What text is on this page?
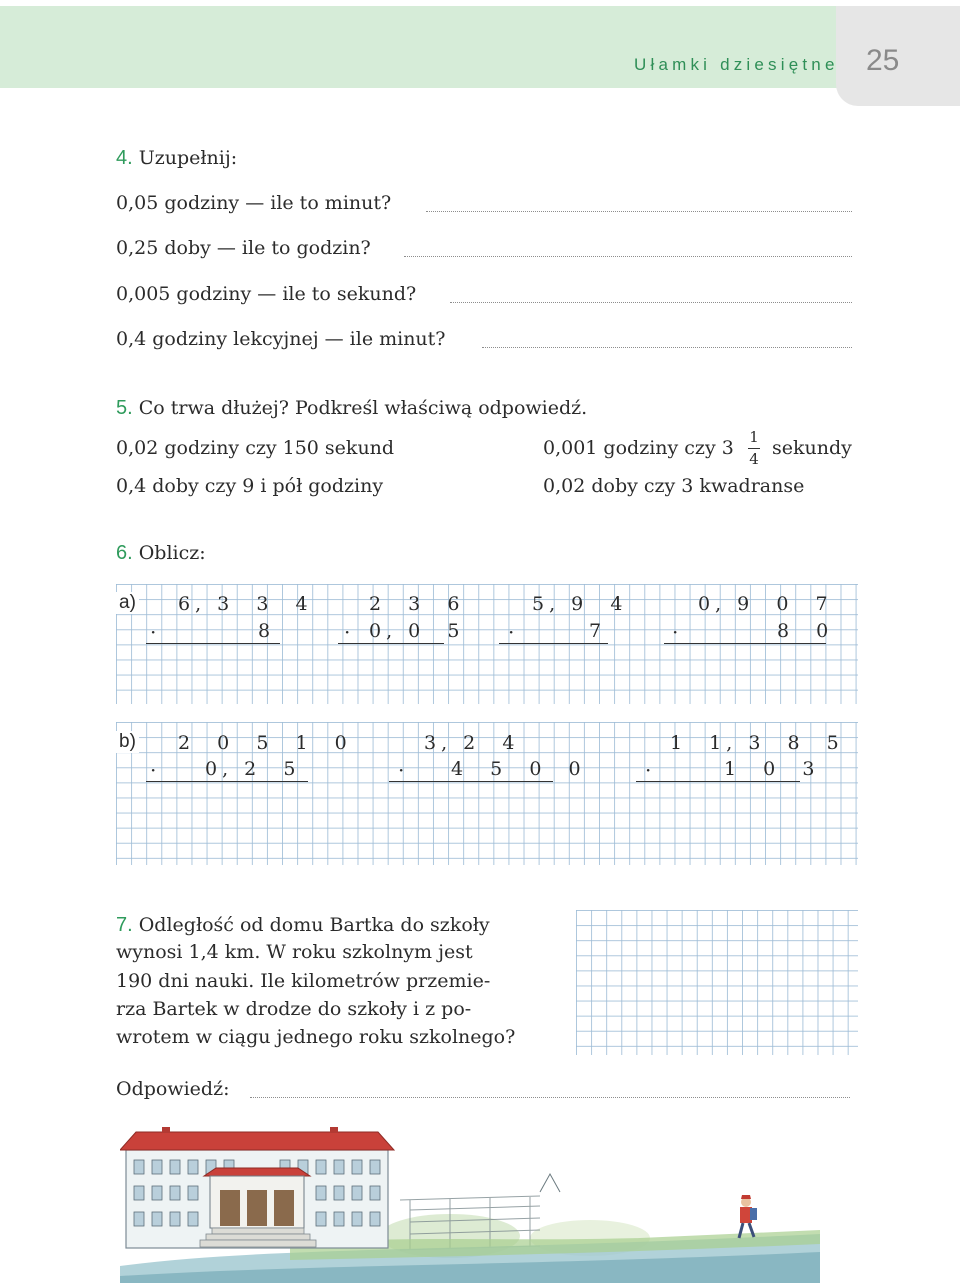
Ułamki dziesiętne 25
4. Uzupełnij:
0,05 godziny — ile to minut?
0,25 doby — ile to godzin?
0,005 godziny — ile to sekund?
0,4 godziny lekcyjnej — ile minut?
5. Co trwa dłużej? Podkreśl właściwą odpowiedź.
0,02 godziny czy 150 sekund	0,001 godziny czy 3 1
4 sekundy
0,4 doby czy 9 i pół godziny	0,02 doby czy 3 kwadranse
6. Oblicz:
a) 6, 3  3  4
·	8
2  3  6
· 0, 0  5
5, 9  4
·	7
0, 9  0  7
·	8  0
b) 2  0  5  1  0
·	0, 2  5
3, 2  4
· 4  5  0  0
1  1, 3  8  5
·	1  0  3
7. Odległość od domu Bartka do szkoły
wynosi 1,4 km. W roku szkolnym jest
190 dni nauki. Ile kilometrów przemie-
rza Bartek w drodze do szkoły i z po-
wrotem w ciągu jednego roku szkolnego?
Odpowiedź:
